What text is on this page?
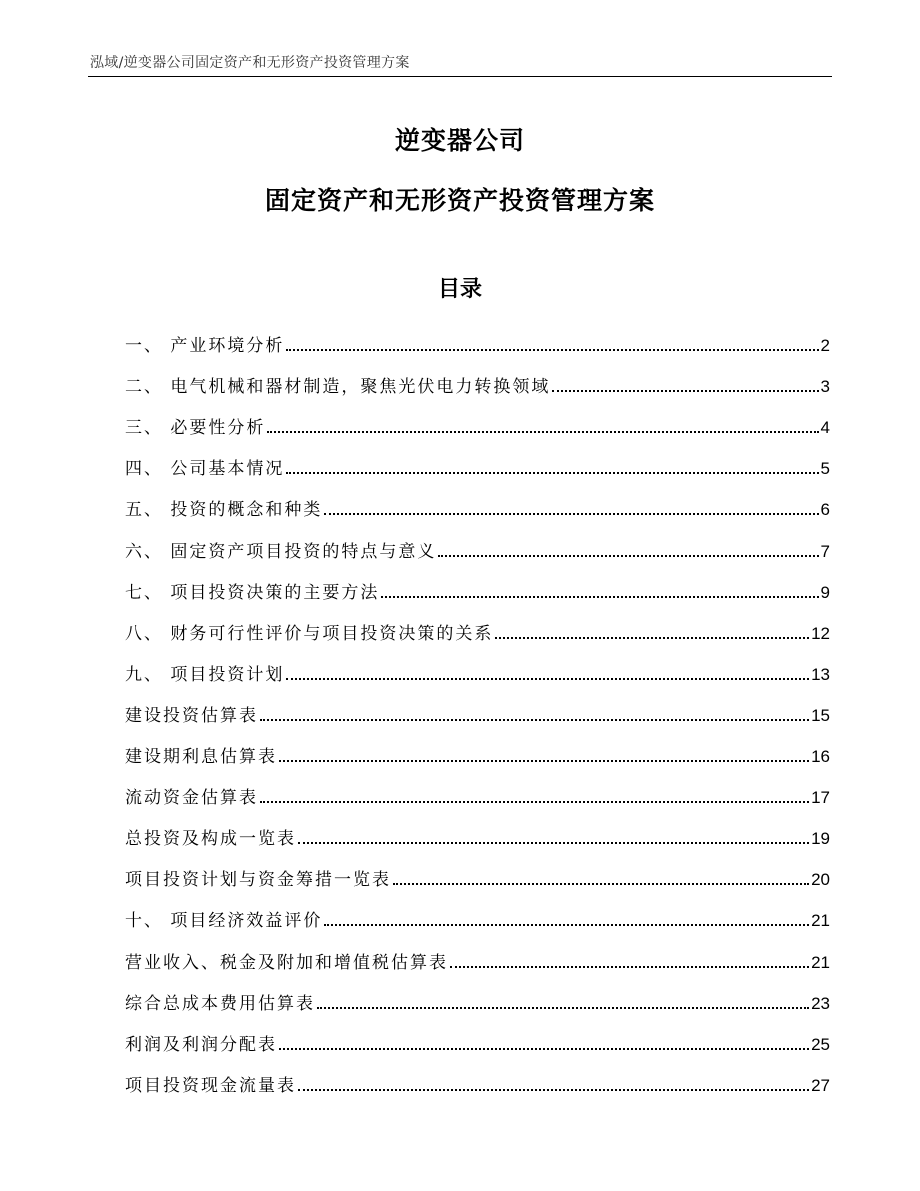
泓域/逆变器公司固定资产和无形资产投资管理方案
逆变器公司
固定资产和无形资产投资管理方案
目录
一、 产业环境分析	2
二、 电气机械和器材制造，聚焦光伏电力转换领域	3
三、 必要性分析	4
四、 公司基本情况	5
五、 投资的概念和种类	6
六、 固定资产项目投资的特点与意义	7
七、 项目投资决策的主要方法	9
八、 财务可行性评价与项目投资决策的关系	12
九、 项目投资计划	13
建设投资估算表	15
建设期利息估算表	16
流动资金估算表	17
总投资及构成一览表	19
项目投资计划与资金筹措一览表	20
十、 项目经济效益评价	21
营业收入、税金及附加和增值税估算表	21
综合总成本费用估算表	23
利润及利润分配表	25
项目投资现金流量表	27
